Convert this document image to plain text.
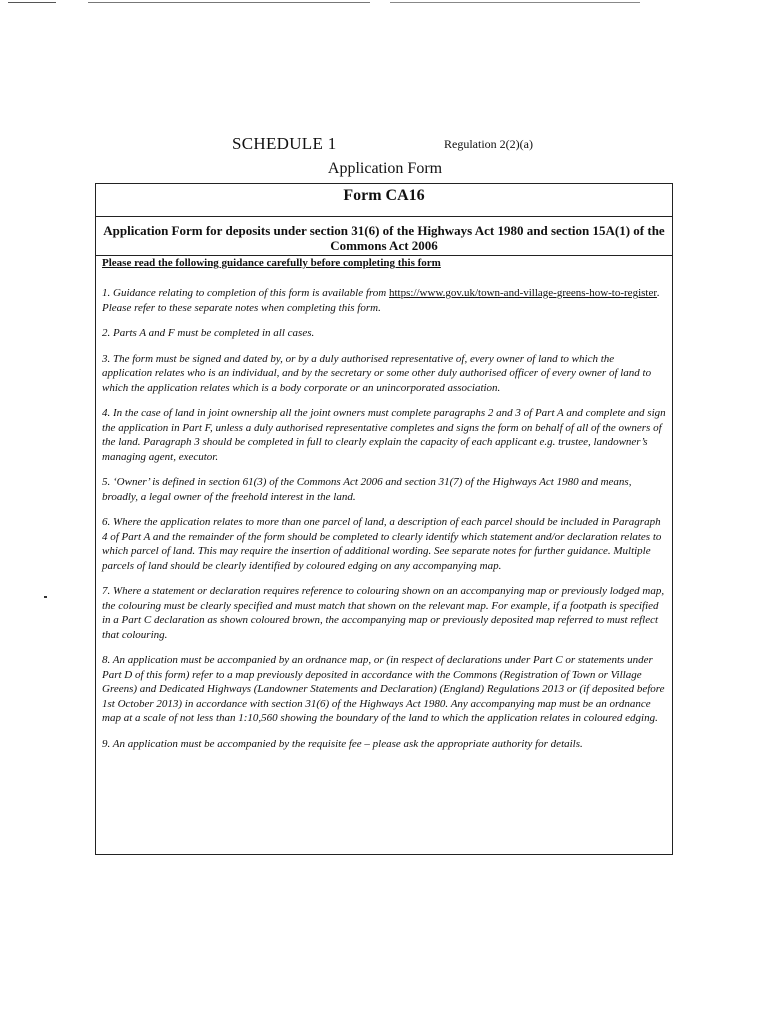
SCHEDULE 1	Regulation 2(2)(a)
Application Form
Form CA16
Application Form for deposits under section 31(6) of the Highways Act 1980 and section 15A(1) of the Commons Act 2006
Please read the following guidance carefully before completing this form

1. Guidance relating to completion of this form is available from https://www.gov.uk/town-and-village-greens-how-to-register. Please refer to these separate notes when completing this form.

2. Parts A and F must be completed in all cases.

3. The form must be signed and dated by, or by a duly authorised representative of, every owner of land to which the application relates who is an individual, and by the secretary or some other duly authorised officer of every owner of land to which the application relates which is a body corporate or an unincorporated association.

4. In the case of land in joint ownership all the joint owners must complete paragraphs 2 and 3 of Part A and complete and sign the application in Part F, unless a duly authorised representative completes and signs the form on behalf of all of the owners of the land. Paragraph 3 should be completed in full to clearly explain the capacity of each applicant e.g. trustee, landowner’s managing agent, executor.

5. ‘Owner’ is defined in section 61(3) of the Commons Act 2006 and section 31(7) of the Highways Act 1980 and means, broadly, a legal owner of the freehold interest in the land.

6. Where the application relates to more than one parcel of land, a description of each parcel should be included in Paragraph 4 of Part A and the remainder of the form should be completed to clearly identify which statement and/or declaration relates to which parcel of land. This may require the insertion of additional wording. See separate notes for further guidance. Multiple parcels of land should be clearly identified by coloured edging on any accompanying map.

7. Where a statement or declaration requires reference to colouring shown on an accompanying map or previously lodged map, the colouring must be clearly specified and must match that shown on the relevant map. For example, if a footpath is specified in a Part C declaration as shown coloured brown, the accompanying map or previously deposited map referred to must reflect that colouring.

8. An application must be accompanied by an ordnance map, or (in respect of declarations under Part C or statements under Part D of this form) refer to a map previously deposited in accordance with the Commons (Registration of Town or Village Greens) and Dedicated Highways (Landowner Statements and Declaration) (England) Regulations 2013 or (if deposited before 1st October 2013) in accordance with section 31(6) of the Highways Act 1980. Any accompanying map must be an ordnance map at a scale of not less than 1:10,560 showing the boundary of the land to which the application relates in coloured edging.

9. An application must be accompanied by the requisite fee – please ask the appropriate authority for details.
